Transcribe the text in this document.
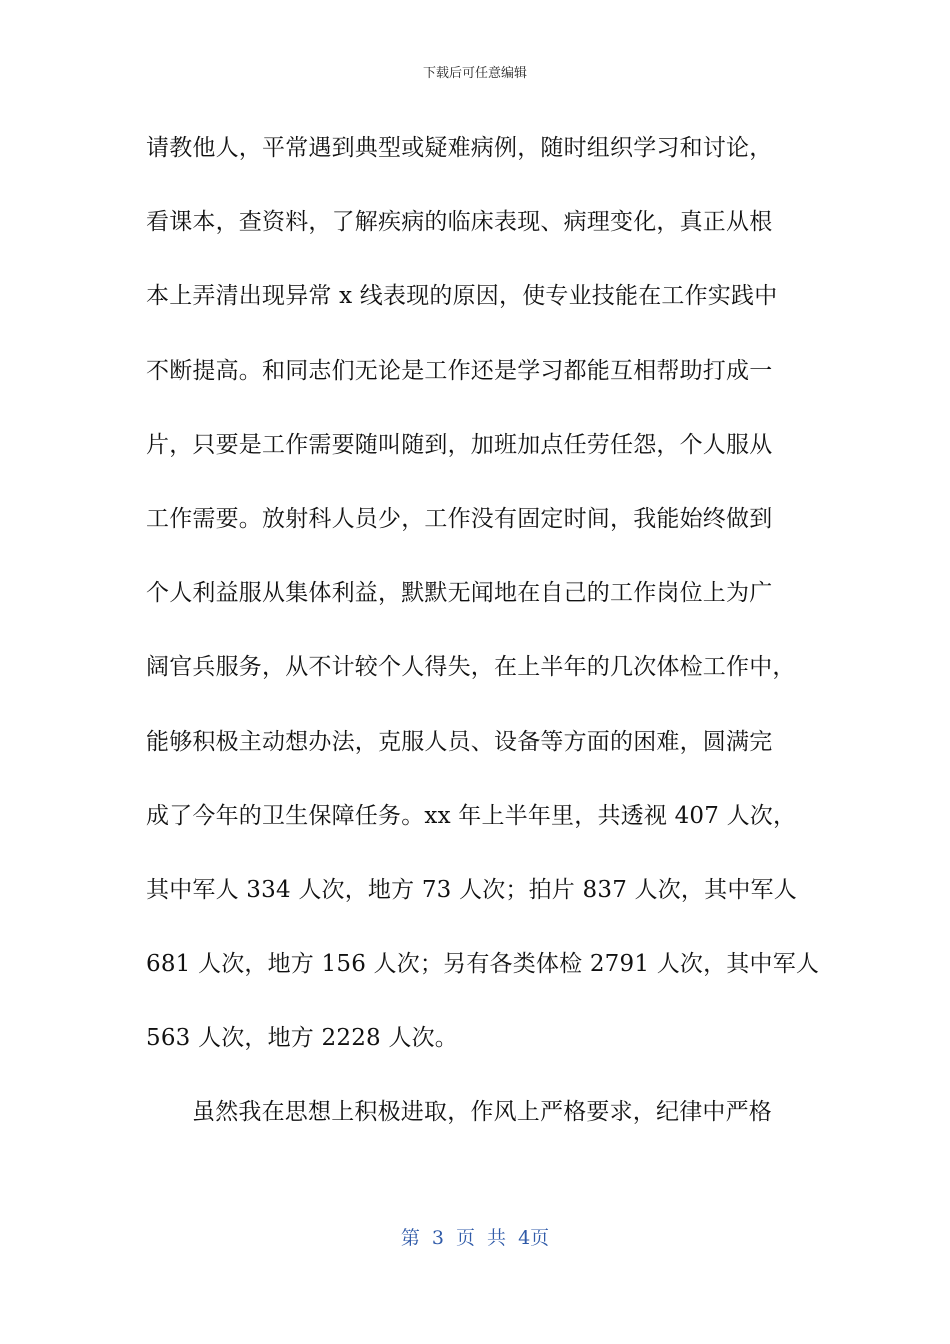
下载后可任意编辑
请教他人，平常遇到典型或疑难病例，随时组织学习和讨论，
看课本，查资料，了解疾病的临床表现、病理变化，真正从根
本上弄清出现异常 x 线表现的原因，使专业技能在工作实践中
不断提高。和同志们无论是工作还是学习都能互相帮助打成一
片，只要是工作需要随叫随到，加班加点任劳任怨，个人服从
工作需要。放射科人员少，工作没有固定时间，我能始终做到
个人利益服从集体利益，默默无闻地在自己的工作岗位上为广
阔官兵服务，从不计较个人得失，在上半年的几次体检工作中，
能够积极主动想办法，克服人员、设备等方面的困难，圆满完
成了今年的卫生保障任务。xx 年上半年里，共透视 407 人次，
其中军人 334 人次，地方 73 人次；拍片 837 人次，其中军人
681 人次，地方 156 人次；另有各类体检 2791 人次，其中军人
563 人次，地方 2228 人次。
虽然我在思想上积极进取，作风上严格要求，纪律中严格
第 3 页 共 4页
